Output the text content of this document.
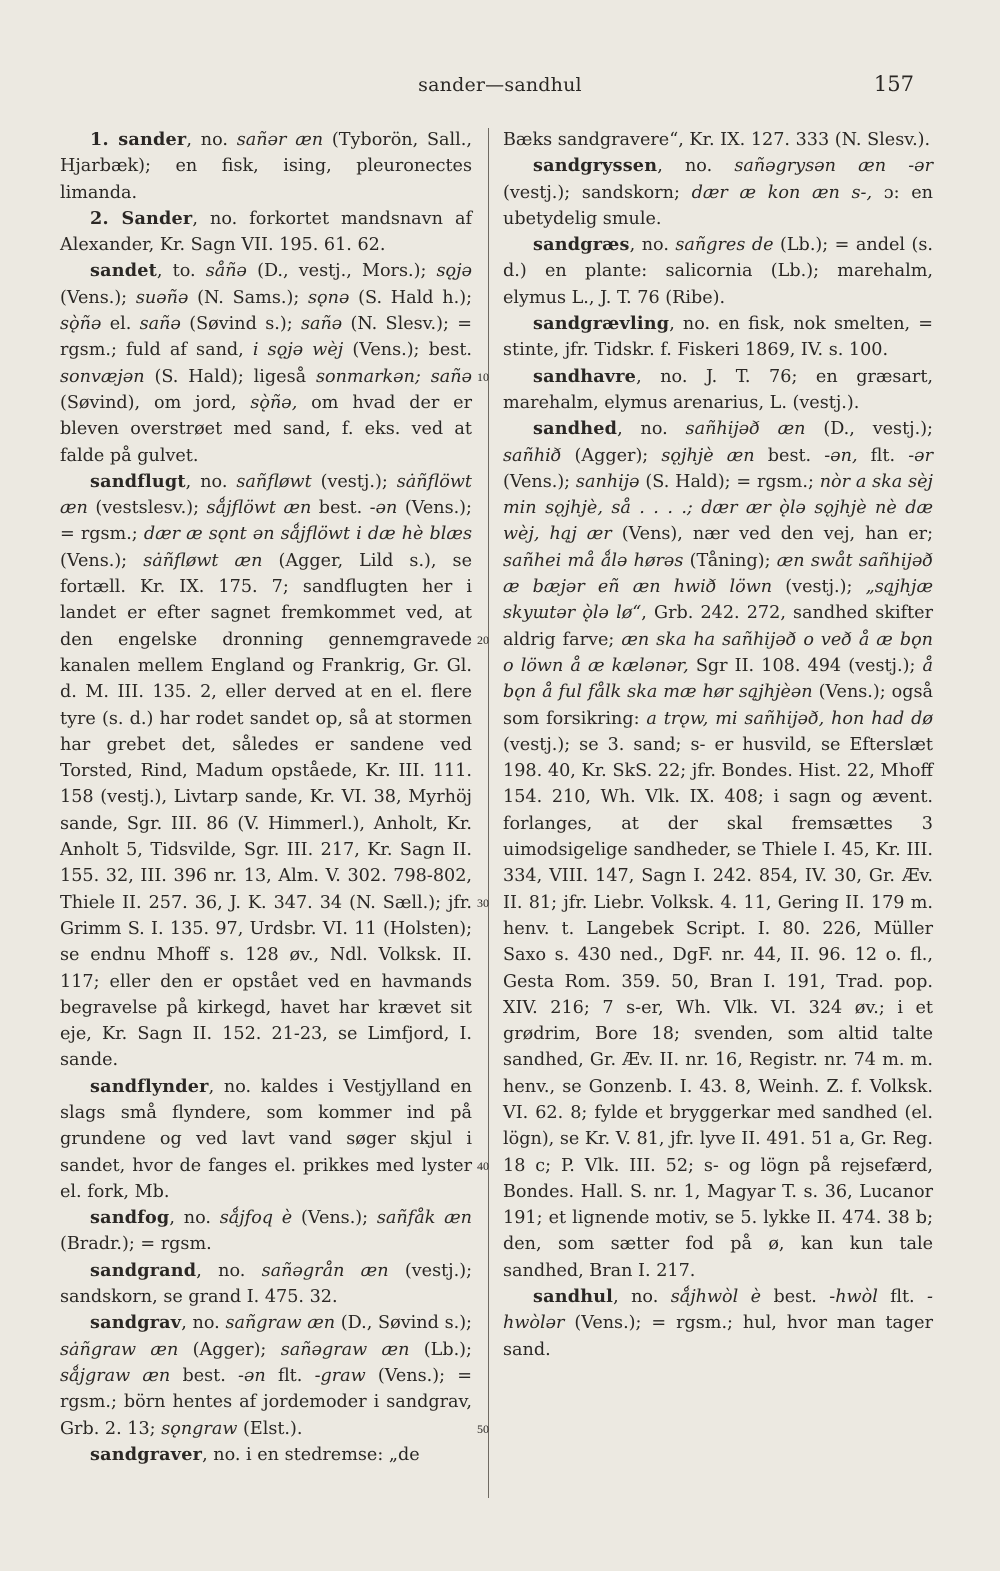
sander—sandhul	157

1. sander, no. sañər æn (Tyborön, Sall., Hjarbæk); en fisk, ising, pleuronectes limanda.

2. Sander, no. forkortet mandsnavn af Alexander, Kr. Sagn VII. 195. 61. 62.

sandet, to. såñə (D., vestj., Mors.); sǫ̣jə (Vens.); suəñə (N. Sams.); sǫnə (S. Hald h.); sǫ̀ñə el. sañə (Søvind s.); sañə (N. Slesv.); = rgsm.; fuld af sand, i sǫ̣jə wèj (Vens.); best. sonvæjən (S. Hald); ligeså sonmarkən; sañə (Søvind), om jord, sǫ̀ñə, om hvad der er bleven overstrøet med sand, f. eks. ved at falde på gulvet.

sandflugt, no. sañfløwt (vestj.); sȧñflöwt æn (vestslesv.); sǻjflöwt æn best. -ən (Vens.); = rgsm.; dær æ sǫnt ən sǻjflöwt i dæ hè blæs (Vens.); sȧñfløwt æn (Agger, Lild s.), se fortæll. Kr. IX. 175. 7; sandflugten her i landet er efter sagnet fremkommet ved, at den engelske dronning gennemgravede kanalen mellem England og Frankrig, Gr. Gl. d. M. III. 135. 2, eller derved at en el. flere tyre (s. d.) har rodet sandet op, så at stormen har grebet det, således er sandene ved Torsted, Rind, Madum opståede, Kr. III. 111. 158 (vestj.), Livtarp sande, Kr. VI. 38, Myrhöj sande, Sgr. III. 86 (V. Himmerl.), Anholt, Kr. Anholt 5, Tidsvilde, Sgr. III. 217, Kr. Sagn II. 155. 32, III. 396 nr. 13, Alm. V. 302. 798-802, Thiele II. 257. 36, J. K. 347. 34 (N. Sæll.); jfr. Grimm S. I. 135. 97, Urdsbr. VI. 11 (Holsten); se endnu Mhoff s. 128 øv., Ndl. Volksk. II. 117; eller den er opstået ved en havmands begravelse på kirkegd, havet har krævet sit eje, Kr. Sagn II. 152. 21-23, se Limfjord, I. sande.

sandflynder, no. kaldes i Vestjylland en slags små flyndere, som kommer ind på grundene og ved lavt vand søger skjul i sandet, hvor de fanges el. prikkes med lyster el. fork, Mb.

sandfog, no. sǻjfoq è (Vens.); sañfåk æn (Bradr.); = rgsm.

sandgrand, no. sañəgrån æn (vestj.); sandskorn, se grand I. 475. 32.

sandgrav, no. sañgraw æn (D., Søvind s.); sȧñgraw æn (Agger); sañəgraw æn (Lb.); sǻjgraw æn best. -ən flt. -graw (Vens.); = rgsm.; börn hentes af jordemoder i sandgrav, Grb. 2. 13; sǫngraw (Elst.).

sandgraver, no. i en stedremse: „de

10
20
30
40
50

Bæks sandgravere“, Kr. IX. 127. 333 (N. Slesv.).

sandgryssen, no. sañəgrysən æn -ər (vestj.); sandskorn; dær æ kon æn s-, ɔ: en ubetydelig smule.

sandgræs, no. sañgres de (Lb.); = andel (s. d.) en plante: salicornia (Lb.); marehalm, elymus L., J. T. 76 (Ribe).

sandgrævling, no. en fisk, nok smelten, = stinte, jfr. Tidskr. f. Fiskeri 1869, IV. s. 100.

sandhavre, no. J. T. 76; en græsart, marehalm, elymus arenarius, L. (vestj.).

sandhed, no. sañhijəð æn (D., vestj.); sañhið (Agger); sǫjhjè æn best. -ən, flt. -ər (Vens.); sanhijə (S. Hald); = rgsm.; nòr a ska sèj min sǫjhjè, så . . . .; dær ær ǫ̀lə sǫjhjè nè dæ wèj, hąj ær (Vens), nær ved den vej, han er; sañhei må ǻlə hørəs (Tåning); æn swåt sañhijəð æ bæjər eñ æn hwið löwn (vestj.); „sąjhjæ skyɯtər ǫ̀lə lø“, Grb. 242. 272, sandhed skifter aldrig farve; æn ska ha sañhijəð o veð å æ bǫn o löwn å æ kælənər, Sgr II. 108. 494 (vestj.); å bǫn å ful fålk ska mæ hør sąjhjèən (Vens.); også som forsikring: a trǫw, mi sañhijəð, hon had dø (vestj.); se 3. sand; s- er husvild, se Efterslæt 198. 40, Kr. SkS. 22; jfr. Bondes. Hist. 22, Mhoff 154. 210, Wh. Vlk. IX. 408; i sagn og ævent. forlanges, at der skal fremsættes 3 uimodsigelige sandheder, se Thiele I. 45, Kr. III. 334, VIII. 147, Sagn I. 242. 854, IV. 30, Gr. Æv. II. 81; jfr. Liebr. Volksk. 4. 11, Gering II. 179 m. henv. t. Langebek Script. I. 80. 226, Müller Saxo s. 430 ned., DgF. nr. 44, II. 96. 12 o. fl., Gesta Rom. 359. 50, Bran I. 191, Trad. pop. XIV. 216; 7 s-er, Wh. Vlk. VI. 324 øv.; i et grødrim, Bore 18; svenden, som altid talte sandhed, Gr. Æv. II. nr. 16, Registr. nr. 74 m. m. henv., se Gonzenb. I. 43. 8, Weinh. Z. f. Volksk. VI. 62. 8; fylde et bryggerkar med sandhed (el. lögn), se Kr. V. 81, jfr. lyve II. 491. 51 a, Gr. Reg. 18 c; P. Vlk. III. 52; s- og lögn på rejsefærd, Bondes. Hall. S. nr. 1, Magyar T. s. 36, Lucanor 191; et lignende motiv, se 5. lykke II. 474. 38 b; den, som sætter fod på ø, kan kun tale sandhed, Bran I. 217.

sandhul, no. sǻjhwòl è best. -hwòl flt. -hwòlər (Vens.); = rgsm.; hul, hvor man tager sand.
